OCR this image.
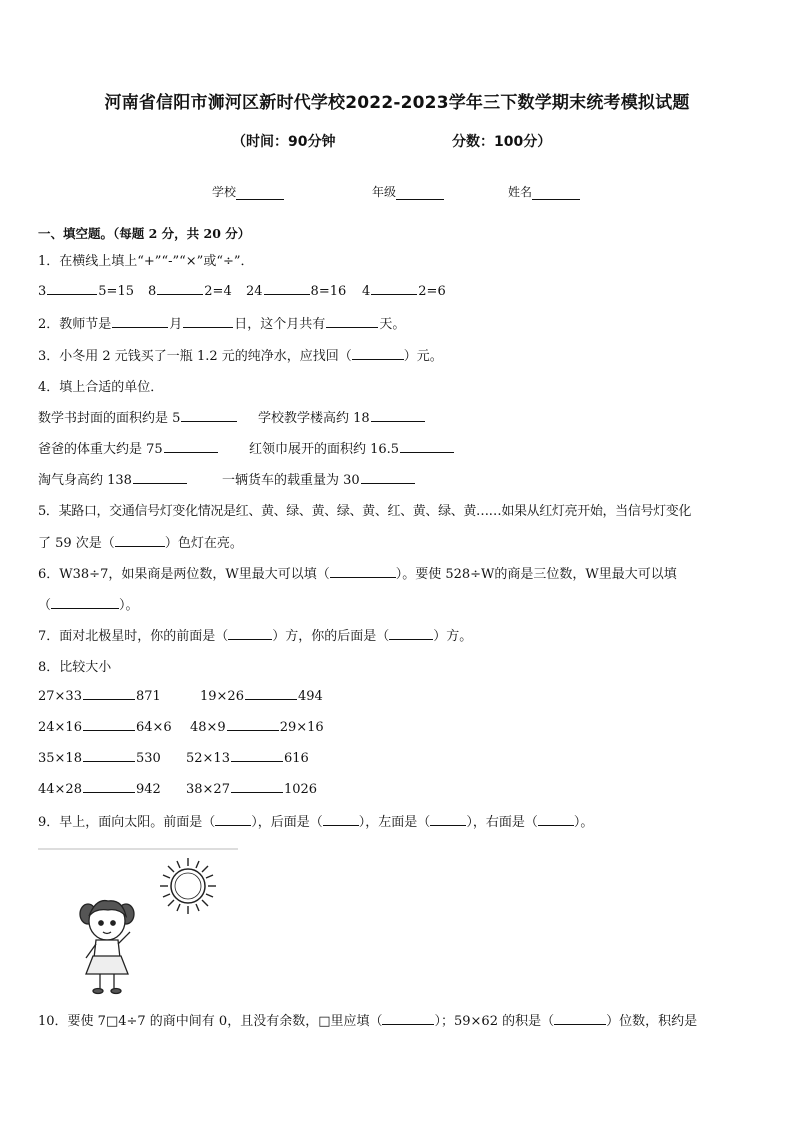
河南省信阳市浉河区新时代学校2022-2023学年三下数学期末统考模拟试题
（时间：90分钟	分数：100分）
学校	年级	姓名
一、填空题。（每题 2 分，共 20 分）
1．在横线上填上“+”“-”“×”或“÷”．
3	5=15 8	2=4 24	8=16 4	2=6
2．教师节是	月	日，这个月共有	天。
3．小冬用 2 元钱买了一瓶 1.2 元的纯净水，应找回（	）元。
4．填上合适的单位．
数学书封面的面积约是 5	学校教学楼高约 18
爸爸的体重大约是 75	红领巾展开的面积约 16.5
淘气身高约 138	一辆货车的载重量为 30
5．某路口，交通信号灯变化情况是红、黄、绿、黄、绿、黄、红、黄、绿、黄……如果从红灯亮开始，当信号灯变化
了 59 次是（	）色灯在亮。
6．W38÷7，如果商是两位数，W里最大可以填（	）。要使 528÷W的商是三位数，W里最大可以填
（	）。
7．面对北极星时，你的前面是（	）方，你的后面是（	）方。
8．比较大小
27×33	871	19×26	494
24×16	64×6 48×9	29×16
35×18	530 52×13	616
44×28	942 38×27	1026
9．早上，面向太阳。前面是（	），后面是（	），左面是（	），右面是（	）。
10．要使 7□4÷7 的商中间有 0，且没有余数，□里应填（	）；59×62 的积是（	）位数，积约是
